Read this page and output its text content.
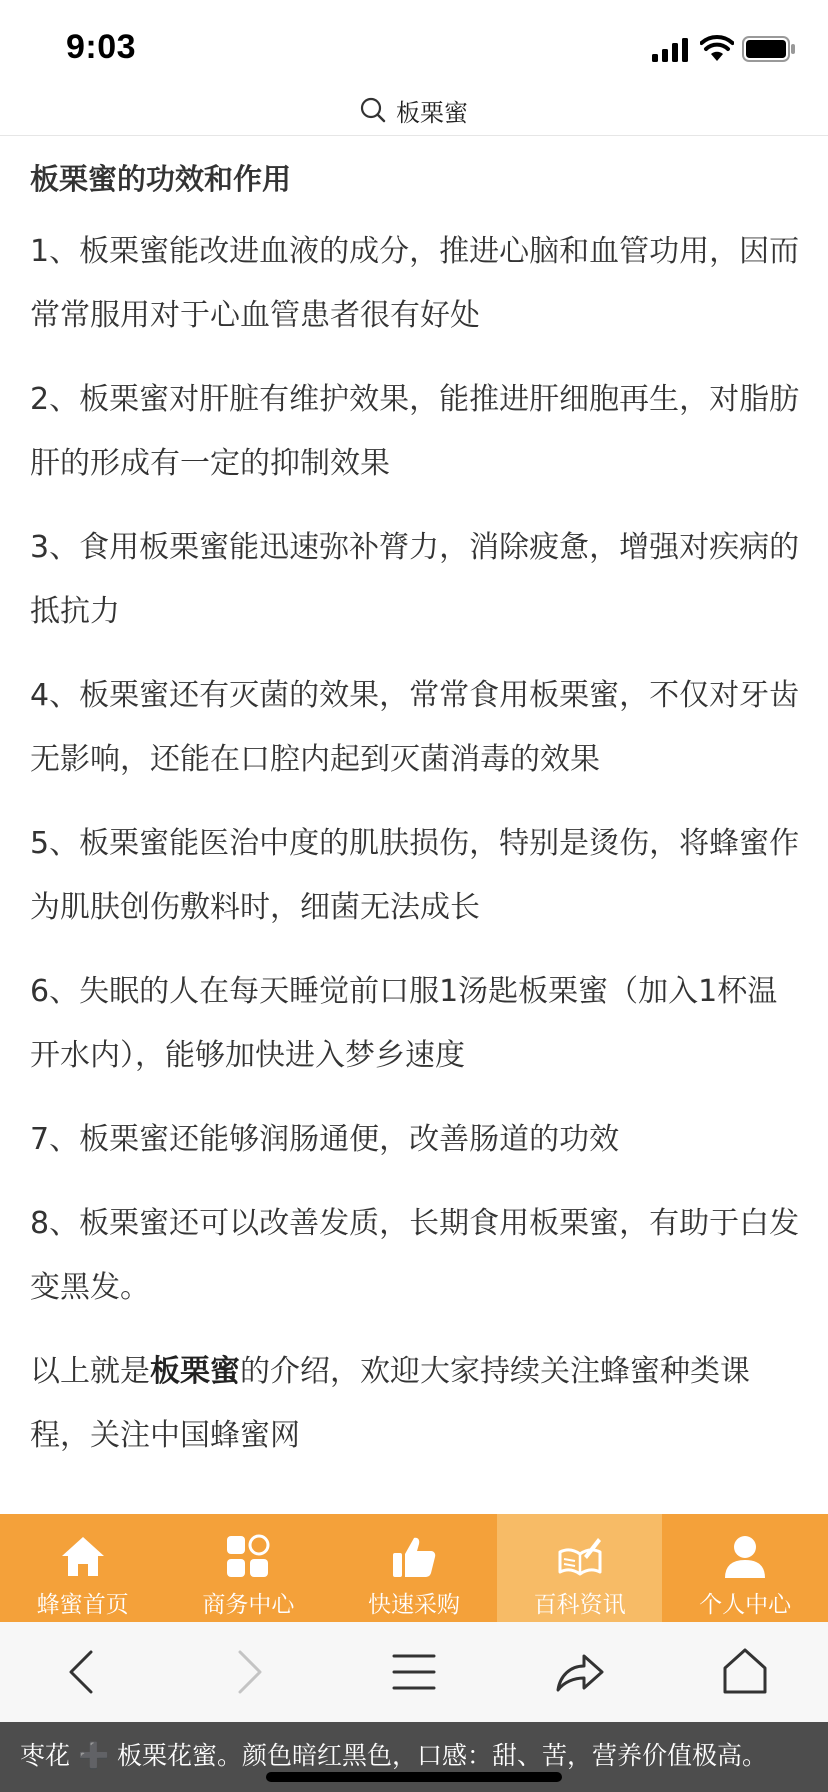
9:03
板栗蜜
板栗蜜的功效和作用

1、板栗蜜能改进血液的成分，推进心脑和血管功用，因而常常服用对于心血管患者很有好处

2、板栗蜜对肝脏有维护效果，能推进肝细胞再生，对脂肪肝的形成有一定的抑制效果

3、食用板栗蜜能迅速弥补膂力，消除疲惫，增强对疾病的抵抗力

4、板栗蜜还有灭菌的效果，常常食用板栗蜜，不仅对牙齿无影响，还能在口腔内起到灭菌消毒的效果

5、板栗蜜能医治中度的肌肤损伤，特别是烫伤，将蜂蜜作为肌肤创伤敷料时，细菌无法成长

6、失眠的人在每天睡觉前口服1汤匙板栗蜜（加入1杯温开水内），能够加快进入梦乡速度

7、板栗蜜还能够润肠通便，改善肠道的功效

8、板栗蜜还可以改善发质，长期食用板栗蜜，有助于白发变黑发。

以上就是板栗蜜的介绍，欢迎大家持续关注蜂蜜种类课程，关注中国蜂蜜网

蜂蜜首页	商务中心	快速采购	百科资讯	个人中心
枣花 ➕ 板栗花蜜。颜色暗红黑色，口感：甜、苦，营养价值极高。
